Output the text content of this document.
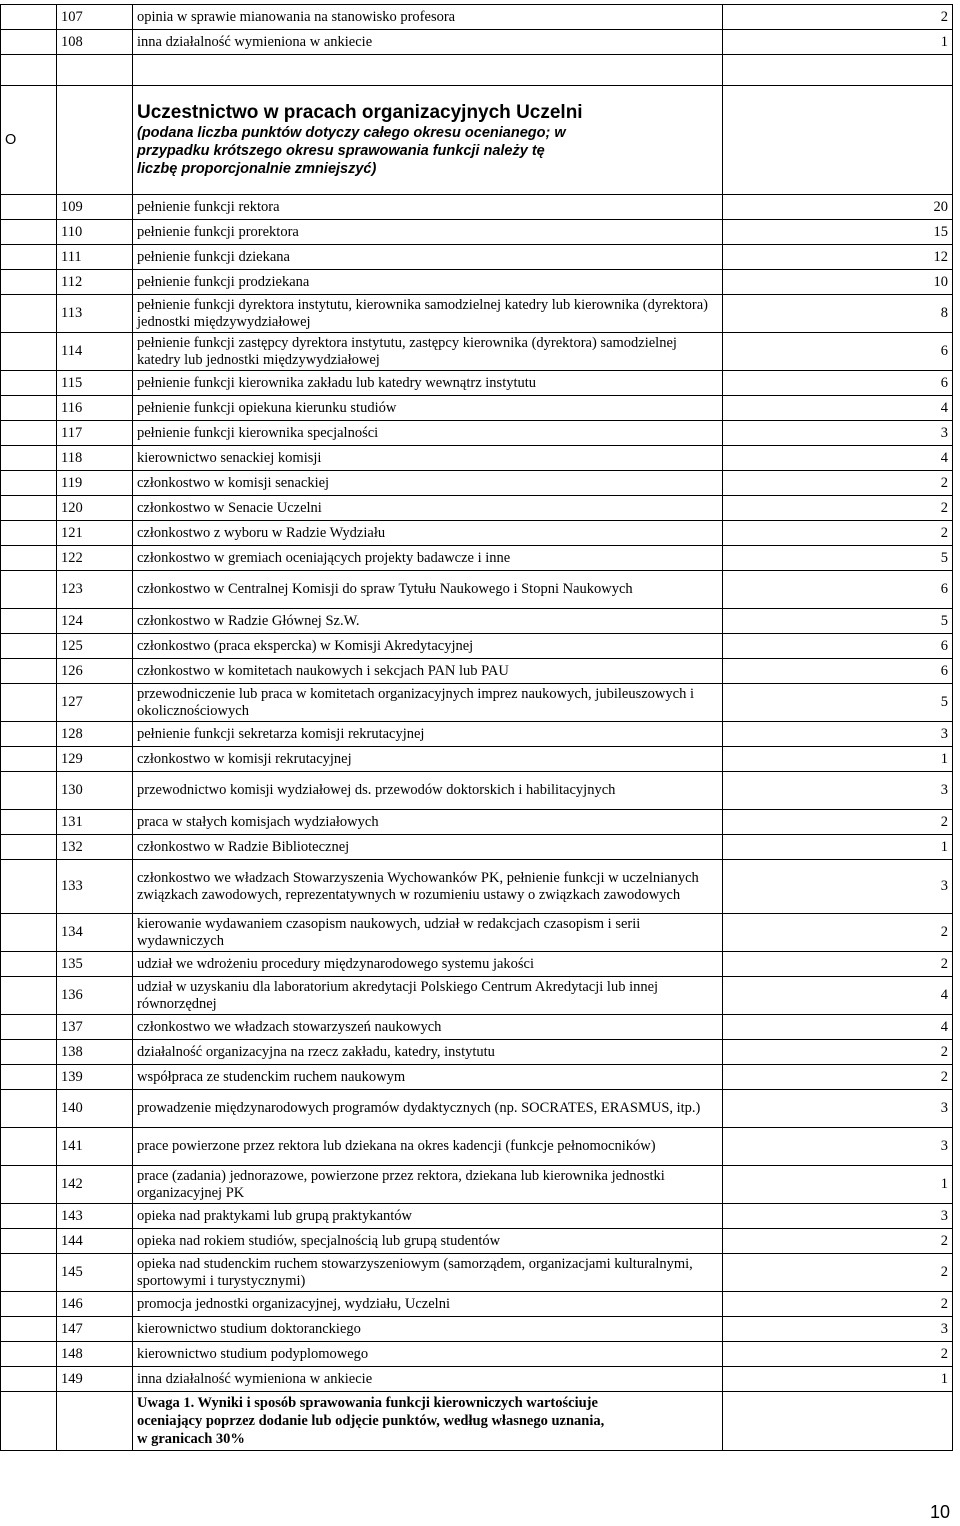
	107	opinia w sprawie mianowania na stanowisko profesora	2
	108	inna działalność wymieniona w ankiecie	1

O		Uczestnictwo w pracach organizacyjnych Uczelni
(podana liczba punktów dotyczy całego okresu ocenianego; w przypadku krótszego okresu sprawowania funkcji należy tę liczbę proporcjonalnie zmniejszyć)	

	109	pełnienie funkcji rektora	20
	110	pełnienie funkcji prorektora	15
	111	pełnienie funkcji dziekana	12
	112	pełnienie funkcji prodziekana	10
	113	pełnienie funkcji dyrektora instytutu, kierownika samodzielnej katedry lub kierownika (dyrektora) jednostki międzywydziałowej	8
	114	pełnienie funkcji zastępcy dyrektora instytutu, zastępcy kierownika (dyrektora) samodzielnej katedry lub jednostki międzywydziałowej	6
	115	pełnienie funkcji kierownika zakładu lub katedry wewnątrz instytutu	6
	116	pełnienie funkcji opiekuna kierunku studiów	4
	117	pełnienie funkcji kierownika specjalności	3
	118	kierownictwo senackiej komisji	4
	119	członkostwo w komisji senackiej	2
	120	członkostwo w Senacie Uczelni	2
	121	członkostwo z wyboru w Radzie Wydziału	2
	122	członkostwo w gremiach oceniających projekty badawcze i inne	5
	123	członkostwo w Centralnej Komisji do spraw Tytułu Naukowego i Stopni Naukowych	6
	124	członkostwo w Radzie Głównej Sz.W.	5
	125	członkostwo (praca ekspercka) w Komisji Akredytacyjnej	6
	126	członkostwo w komitetach naukowych i sekcjach PAN lub PAU	6
	127	przewodniczenie lub praca w komitetach organizacyjnych imprez naukowych, jubileuszowych i okolicznościowych	5
	128	pełnienie funkcji sekretarza komisji rekrutacyjnej	3
	129	członkostwo w komisji rekrutacyjnej	1
	130	przewodnictwo komisji wydziałowej ds. przewodów doktorskich i habilitacyjnych	3
	131	praca w stałych komisjach wydziałowych	2
	132	członkostwo w Radzie Bibliotecznej	1
	133	członkostwo we władzach Stowarzyszenia Wychowanków PK, pełnienie funkcji w uczelnianych związkach zawodowych, reprezentatywnych w rozumieniu ustawy o związkach zawodowych	3
	134	kierowanie wydawaniem czasopism naukowych, udział w redakcjach czasopism i serii wydawniczych	2
	135	udział we wdrożeniu procedury międzynarodowego systemu jakości	2
	136	udział w uzyskaniu dla laboratorium akredytacji Polskiego Centrum Akredytacji lub innej równorzędnej	4
	137	członkostwo we władzach stowarzyszeń naukowych	4
	138	działalność organizacyjna na rzecz zakładu, katedry, instytutu	2
	139	współpraca ze studenckim ruchem naukowym	2
	140	prowadzenie międzynarodowych programów dydaktycznych (np. SOCRATES, ERASMUS, itp.)	3
	141	prace powierzone przez rektora lub dziekana na okres kadencji (funkcje pełnomocników)	3
	142	prace (zadania) jednorazowe, powierzone przez rektora, dziekana lub kierownika jednostki organizacyjnej PK	1
	143	opieka nad praktykami lub grupą praktykantów	3
	144	opieka nad rokiem studiów, specjalnością lub grupą studentów	2
	145	opieka nad studenckim ruchem stowarzyszeniowym (samorządem, organizacjami kulturalnymi, sportowymi i turystycznymi)	2
	146	promocja jednostki organizacyjnej, wydziału, Uczelni	2
	147	kierownictwo studium doktoranckiego	3
	148	kierownictwo studium podyplomowego	2
	149	inna działalność wymieniona w ankiecie	1

		Uwaga 1. Wyniki i sposób sprawowania funkcji kierowniczych wartościuje oceniający poprzez dodanie lub odjęcie punktów, według własnego uznania, w granicach 30%	

10
